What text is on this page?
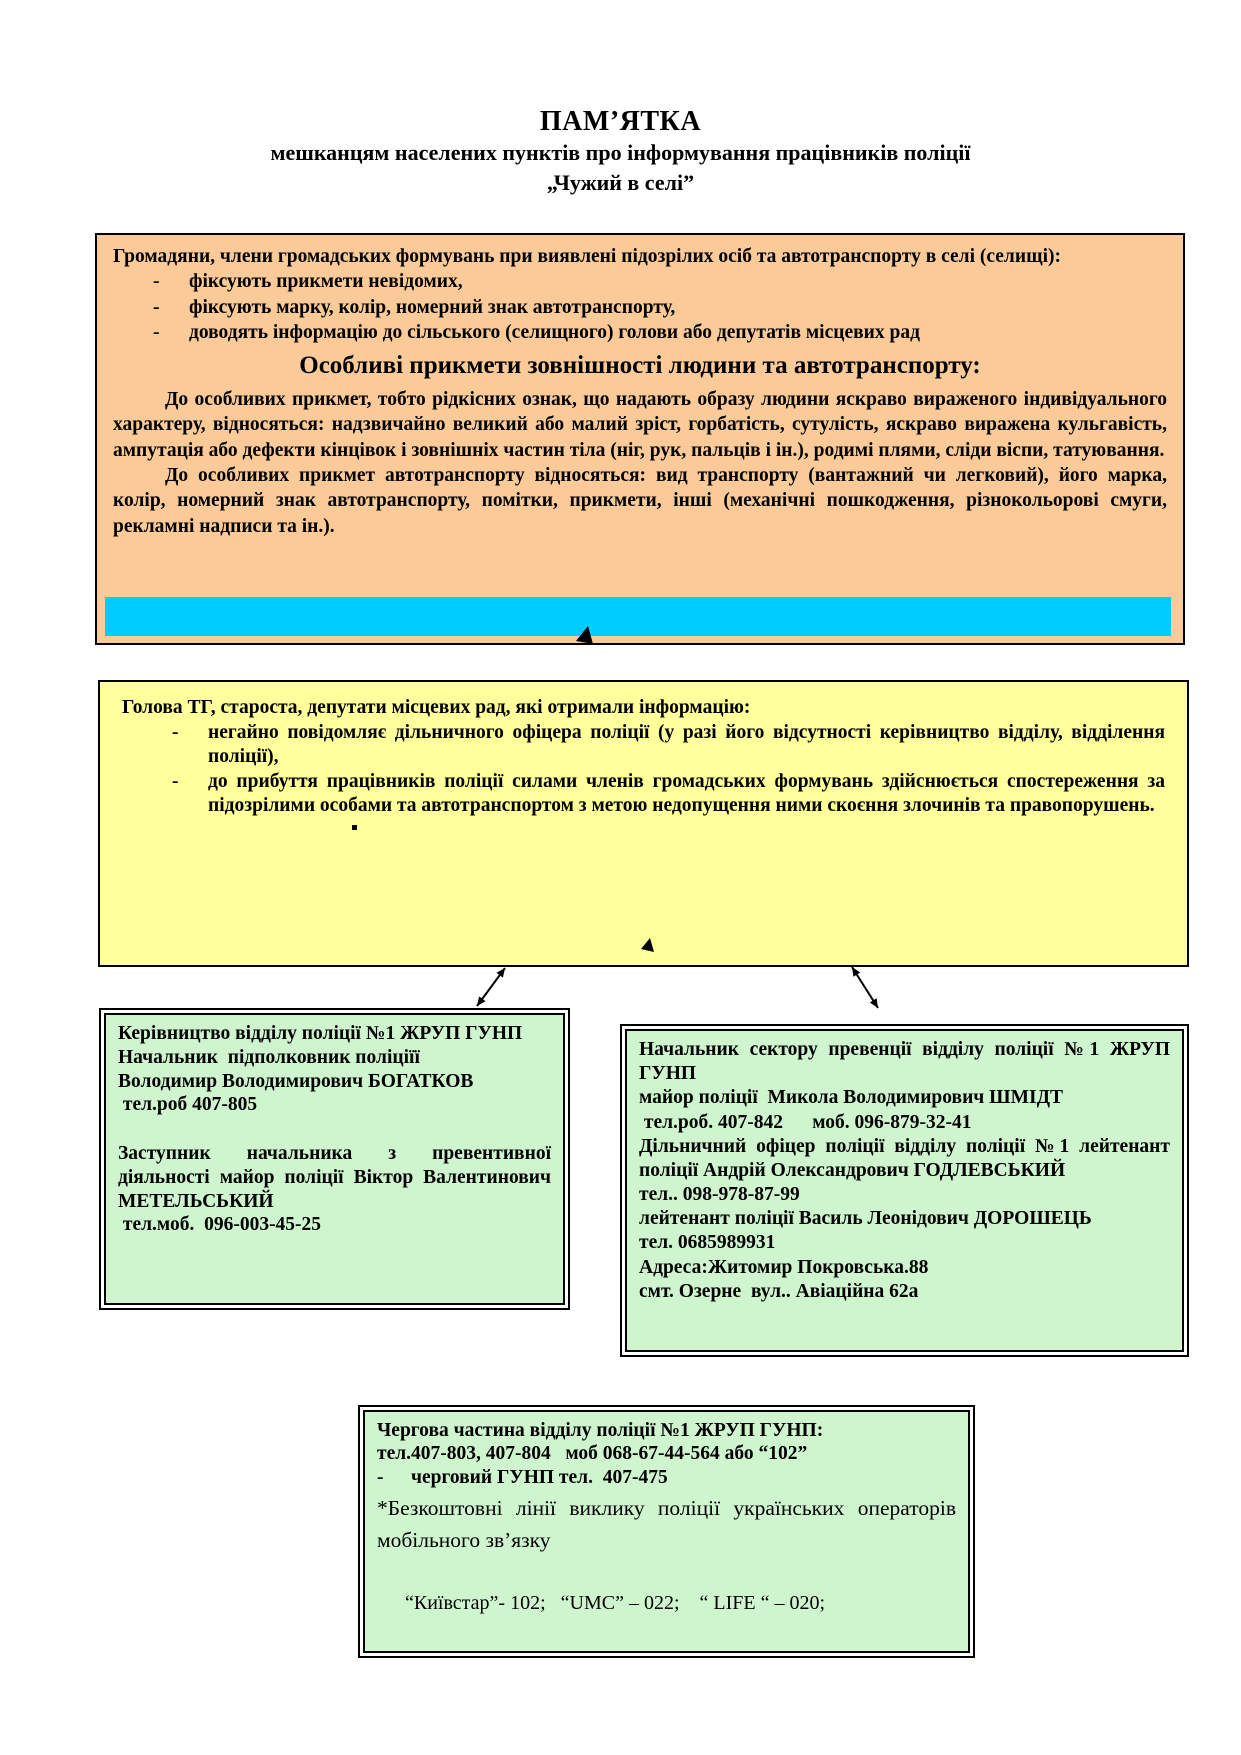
ПАМ’ЯТКА
мешканцям населених пунктів про інформування працівників поліції
„Чужий в селі”

Громадяни, члени громадських формувань при виявлені підозрілих осіб та автотранспорту в селі (селищі):

-	фіксують прикмети невідомих,
-	фіксують марку, колір, номерний знак автотранспорту,
-	доводять інформацію до сільського (селищного) голови або депутатів місцевих рад
Особливі прикмети зовнішності людини та автотранспорту:

До особливих прикмет, тобто рідкісних ознак, що надають образу людини яскраво вираженого індивідуального характеру, відносяться: надзвичайно великий або малий зріст, горбатість, сутулість, яскраво виражена кульгавість, ампутація або дефекти кінцівок і зовнішніх частин тіла (ніг, рук, пальців і ін.), родимі плями, сліди віспи, татуювання.

До особливих прикмет автотранспорту відносяться: вид транспорту (вантажний чи легковий), його марка, колір, номерний знак автотранспорту, помітки, прикмети, інші (механічні пошкодження, різнокольорові смуги, рекламні надписи та ін.).

Голова ТГ, староста, депутати місцевих рад, які отримали інформацію:

-	негайно повідомляє дільничного офіцера поліції (у разі його відсутності керівництво відділу, відділення поліції),
-	до прибуття працівників поліції силами членів громадських формувань здійснюється спостереження за підозрілими особами та автотранспортом з метою недопущення ними скоєння злочинів та правопорушень.
Керівництво відділу поліції №1 ЖРУП ГУНП
Начальник  підполковник поліціїї
Володимир Володимирович БОГАТКОВ
тел.роб 407-805
Заступник начальника з превентивної діяльності майор поліції Віктор Валентинович МЕТЕЛЬСЬКИЙ
тел.моб.  096-003-45-25
Начальник сектору превенції відділу поліції №1 ЖРУП ГУНП
майор поліції  Микола Володимирович ШМІДТ
тел.роб. 407-842      моб. 096-879-32-41
Дільничний офіцер поліції відділу поліції №1 лейтенант поліції Андрій Олександрович ГОДЛЕВСЬКИЙ
тел.. 098-978-87-99
лейтенант поліції Василь Леонідович ДОРОШЕЦЬ
тел. 0685989931
Адреса:Житомир Покровська.88
смт. Озерне  вул.. Авіаційна 62а
Чергова частина відділу поліції №1 ЖРУП ГУНП:
тел.407-803, 407-804   моб 068-67-44-564 або “102”
-	черговий ГУНП тел.  407-475
*Безкоштовні лінії виклику поліції українських операторів мобільного зв’язку
“Київстар”- 102;   “UMC” – 022;    “ LIFE “ – 020;
